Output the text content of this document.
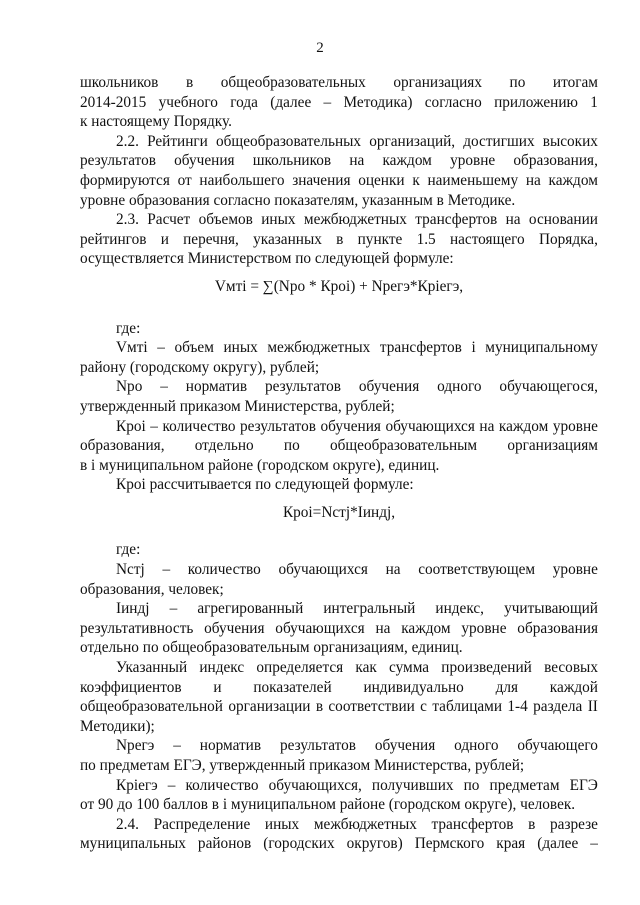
2
школьников в общеобразовательных организациях по итогам
2014-2015 учебного года (далее – Методика) согласно приложению 1
к настоящему Порядку.
2.2. Рейтинги общеобразовательных организаций, достигших высоких
результатов обучения школьников на каждом уровне образования,
формируются от наибольшего значения оценки к наименьшему на каждом
уровне образования согласно показателям, указанным в Методике.
2.3. Расчет объемов иных межбюджетных трансфертов на основании
рейтингов и перечня, указанных в пункте 1.5 настоящего Порядка,
осуществляется Министерством по следующей формуле:
Vмтi = ∑(Nро * Кроi) + Nрегэ*Крiегэ,
где:
Vмтi – объем иных межбюджетных трансфертов i муниципальному
району (городскому округу), рублей;
Nро – норматив результатов обучения одного обучающегося,
утвержденный приказом Министерства, рублей;
Кроi – количество результатов обучения обучающихся на каждом уровне
образования, отдельно по общеобразовательным организациям
в i муниципальном районе (городском округе), единиц.
Кроi рассчитывается по следующей формуле:
Кроi=Nстj*Iиндj,
где:
Nстj – количество обучающихся на соответствующем уровне
образования, человек;
Iиндj – агрегированный интегральный индекс, учитывающий
результативность обучения обучающихся на каждом уровне образования
отдельно по общеобразовательным организациям, единиц.
Указанный индекс определяется как сумма произведений весовых
коэффициентов и показателей индивидуально для каждой
общеобразовательной организации в соответствии с таблицами 1-4 раздела II
Методики);
Nрегэ – норматив результатов обучения одного обучающего
по предметам ЕГЭ, утвержденный приказом Министерства, рублей;
Крiегэ – количество обучающихся, получивших по предметам ЕГЭ
от 90 до 100 баллов в i муниципальном районе (городском округе), человек.
2.4. Распределение иных межбюджетных трансфертов в разрезе
муниципальных районов (городских округов) Пермского края (далее –
